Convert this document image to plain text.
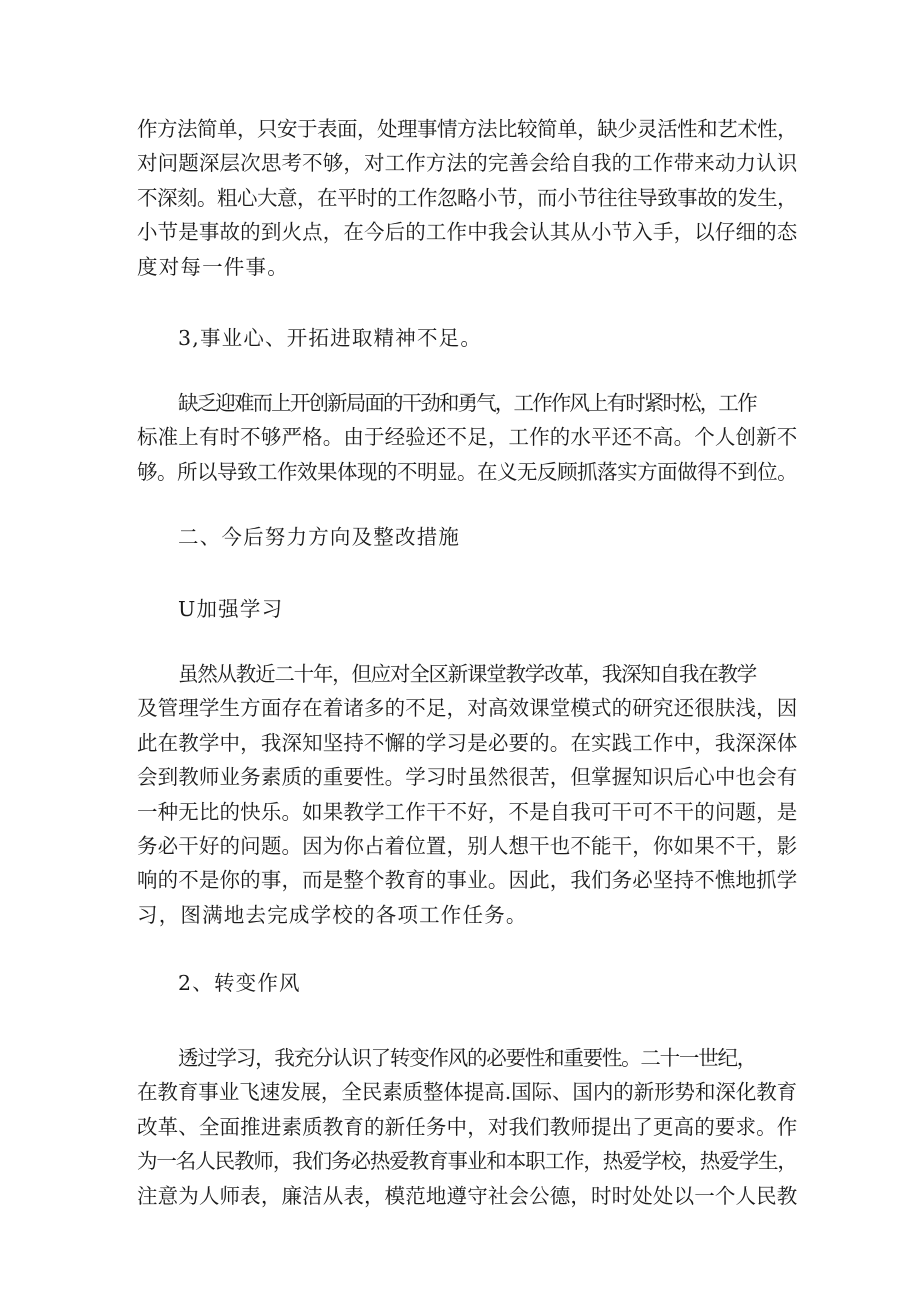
作方法简单，只安于表面，处理事情方法比较简单，缺少灵活性和艺术性，
对问题深层次思考不够，对工作方法的完善会给自我的工作带来动力认识
不深刻。粗心大意，在平时的工作忽略小节，而小节往往导致事故的发生，
小节是事故的到火点，在今后的工作中我会认其从小节入手，以仔细的态
度对每一件事。
3,事业心、开拓进取精神不足。
缺乏迎难而上开创新局面的干劲和勇气，工作作风上有时紧时松，工作
标准上有时不够严格。由于经验还不足，工作的水平还不高。个人创新不
够。所以导致工作效果体现的不明显。在义无反顾抓落实方面做得不到位。
二、今后努力方向及整改措施
U加强学习
虽然从教近二十年，但应对全区新课堂教学改革，我深知自我在教学
及管理学生方面存在着诸多的不足，对高效课堂模式的研究还很肤浅，因
此在教学中，我深知坚持不懈的学习是必要的。在实践工作中，我深深体
会到教师业务素质的重要性。学习时虽然很苦，但掌握知识后心中也会有
一种无比的快乐。如果教学工作干不好，不是自我可干可不干的问题，是
务必干好的问题。因为你占着位置，别人想干也不能干，你如果不干，影
响的不是你的事，而是整个教育的事业。因此，我们务必坚持不憔地抓学
习，图满地去完成学校的各项工作任务。
2、转变作风
透过学习，我充分认识了转变作风的必要性和重要性。二十一世纪，
在教育事业飞速发展，全民素质整体提高.国际、国内的新形势和深化教育
改革、全面推进素质教育的新任务中，对我们教师提出了更高的要求。作
为一名人民教师，我们务必热爱教育事业和本职工作，热爱学校，热爱学生，
注意为人师表，廉洁从表，模范地遵守社会公德，时时处处以一个人民教
